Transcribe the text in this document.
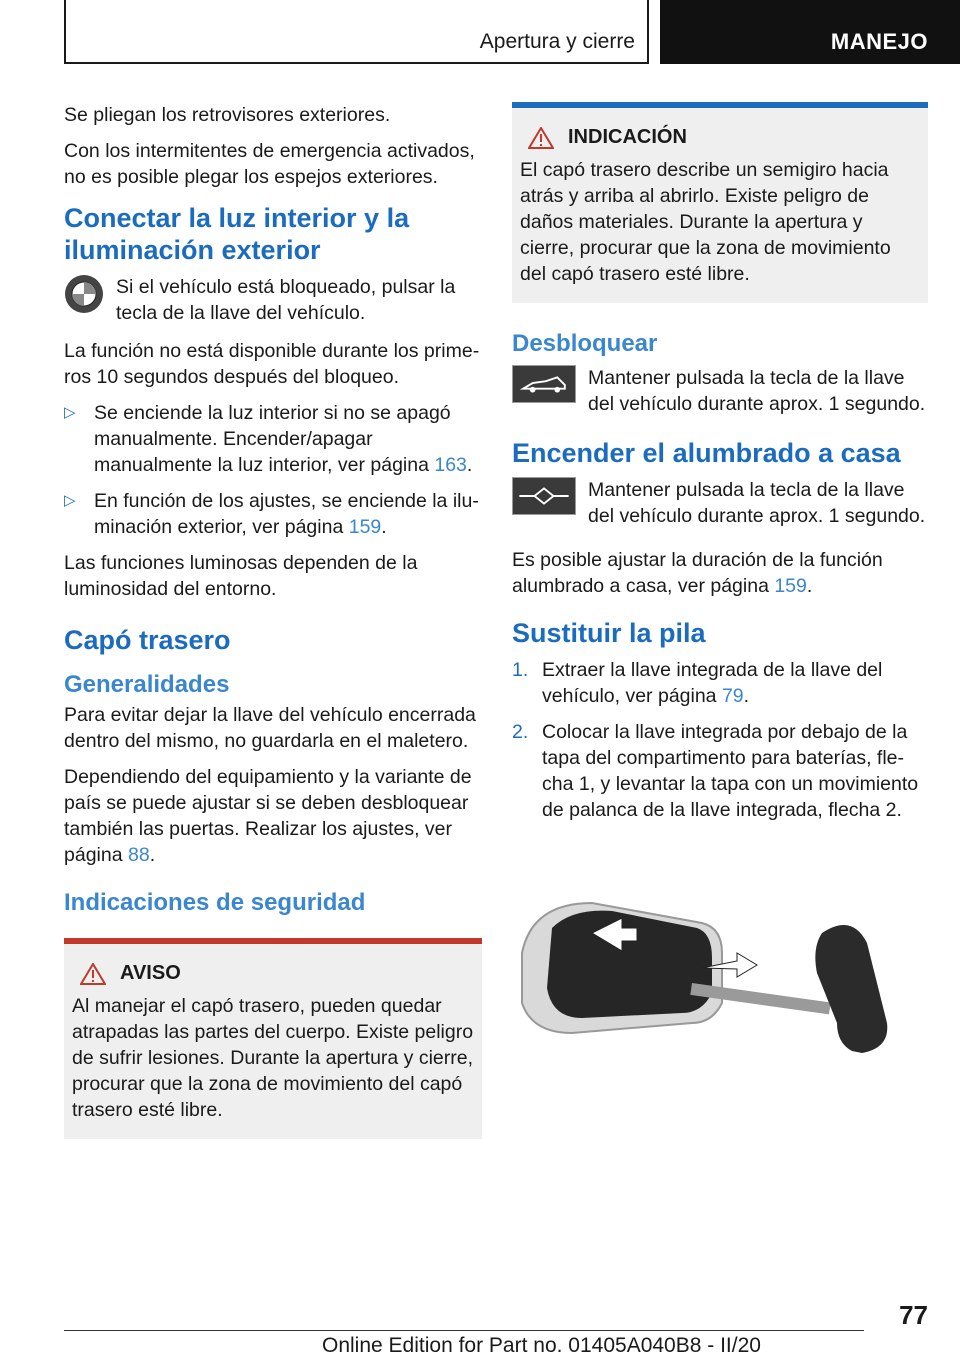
Apertura y cierre	MANEJO

Se pliegan los retrovisores exteriores.

Con los intermitentes de emergencia activados, no es posible plegar los espejos exteriores.

Conectar la luz interior y la iluminación exterior
Si el vehículo está bloqueado, pulsar la tecla de la llave del vehículo.

La función no está disponible durante los primeros 10 segundos después del bloqueo.

▷ Se enciende la luz interior si no se apagó manualmente. Encender/apagar manualmente la luz interior, ver página 163.
▷ En función de los ajustes, se enciende la iluminación exterior, ver página 159.

Las funciones luminosas dependen de la luminosidad del entorno.

Capó trasero
Generalidades

Para evitar dejar la llave del vehículo encerrada dentro del mismo, no guardarla en el maletero.

Dependiendo del equipamiento y la variante de país se puede ajustar si se deben desbloquear también las puertas. Realizar los ajustes, ver página 88.

Indicaciones de seguridad
AVISO
Al manejar el capó trasero, pueden quedar atrapadas las partes del cuerpo. Existe peligro de sufrir lesiones. Durante la apertura y cierre, procurar que la zona de movimiento del capó trasero esté libre.
INDICACIÓN
El capó trasero describe un semigiro hacia atrás y arriba al abrirlo. Existe peligro de daños materiales. Durante la apertura y cierre, procurar que la zona de movimiento del capó trasero esté libre.
Desbloquear
Mantener pulsada la tecla de la llave del vehículo durante aprox. 1 segundo.
Encender el alumbrado a casa
Mantener pulsada la tecla de la llave del vehículo durante aprox. 1 segundo.

Es posible ajustar la duración de la función alumbrado a casa, ver página 159.

Sustituir la pila
1. Extraer la llave integrada de la llave del vehículo, ver página 79.
2. Colocar la llave integrada por debajo de la tapa del compartimento para baterías, flecha 1, y levantar la tapa con un movimiento de palanca de la llave integrada, flecha 2.
77
Online Edition for Part no. 01405A040B8 - II/20
